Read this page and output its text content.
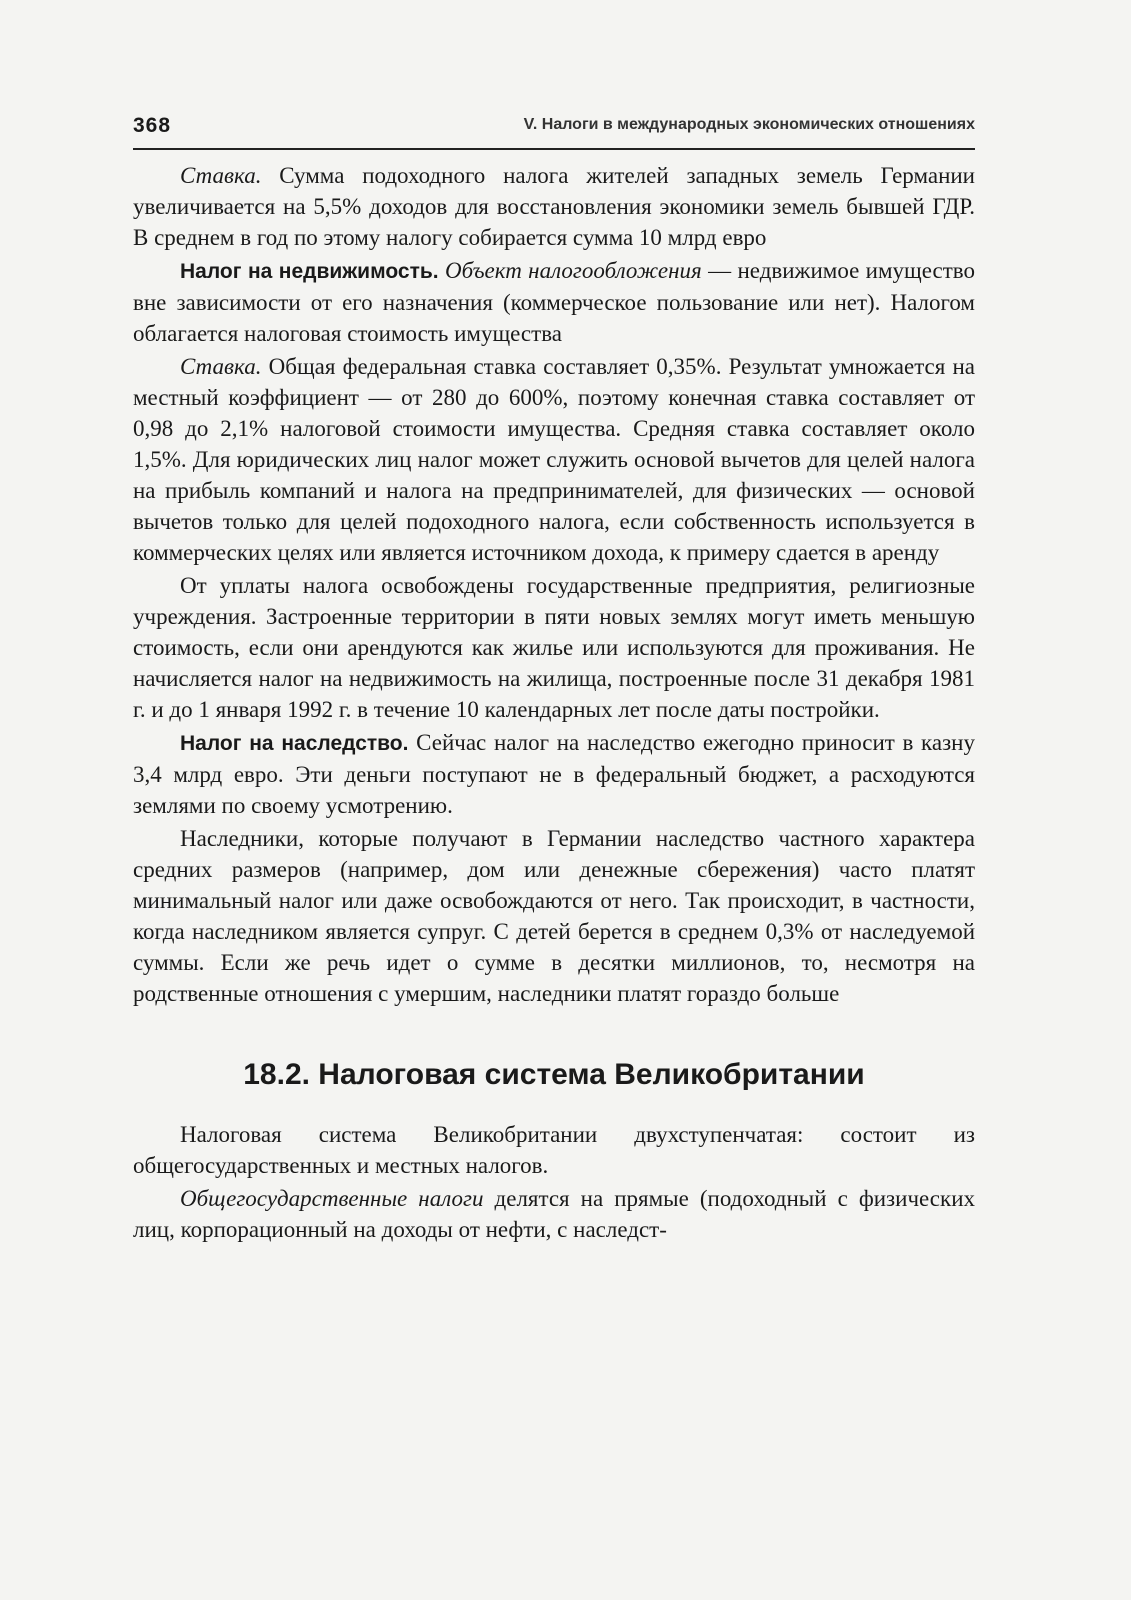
368	V. Налоги в международных экономических отношениях

Ставка. Сумма подоходного налога жителей западных земель Германии увеличивается на 5,5% доходов для восстановления экономики земель бывшей ГДР. В среднем в год по этому налогу собирается сумма 10 млрд евро

Налог на недвижимость. Объект налогообложения — недвижимое имущество вне зависимости от его назначения (коммерческое пользование или нет). Налогом облагается налоговая стоимость имущества

Ставка. Общая федеральная ставка составляет 0,35%. Результат умножается на местный коэффициент — от 280 до 600%, поэтому конечная ставка составляет от 0,98 до 2,1% налоговой стоимости имущества. Средняя ставка составляет около 1,5%. Для юридических лиц налог может служить основой вычетов для целей налога на прибыль компаний и налога на предпринимателей, для физических — основой вычетов только для целей подоходного налога, если собственность используется в коммерческих целях или является источником дохода, к примеру сдается в аренду

От уплаты налога освобождены государственные предприятия, религиозные учреждения. Застроенные территории в пяти новых землях могут иметь меньшую стоимость, если они арендуются как жилье или используются для проживания. Не начисляется налог на недвижимость на жилища, построенные после 31 декабря 1981 г. и до 1 января 1992 г. в течение 10 календарных лет после даты постройки.

Налог на наследство. Сейчас налог на наследство ежегодно приносит в казну 3,4 млрд евро. Эти деньги поступают не в федеральный бюджет, а расходуются землями по своему усмотрению.

Наследники, которые получают в Германии наследство частного характера средних размеров (например, дом или денежные сбережения) часто платят минимальный налог или даже освобождаются от него. Так происходит, в частности, когда наследником является супруг. С детей берется в среднем 0,3% от наследуемой суммы. Если же речь идет о сумме в десятки миллионов, то, несмотря на родственные отношения с умершим, наследники платят гораздо больше

18.2. Налоговая система Великобритании

Налоговая система Великобритании двухступенчатая: состоит из общегосударственных и местных налогов.

Общегосударственные налоги делятся на прямые (подоходный с физических лиц, корпорационный на доходы от нефти, с наследст-
